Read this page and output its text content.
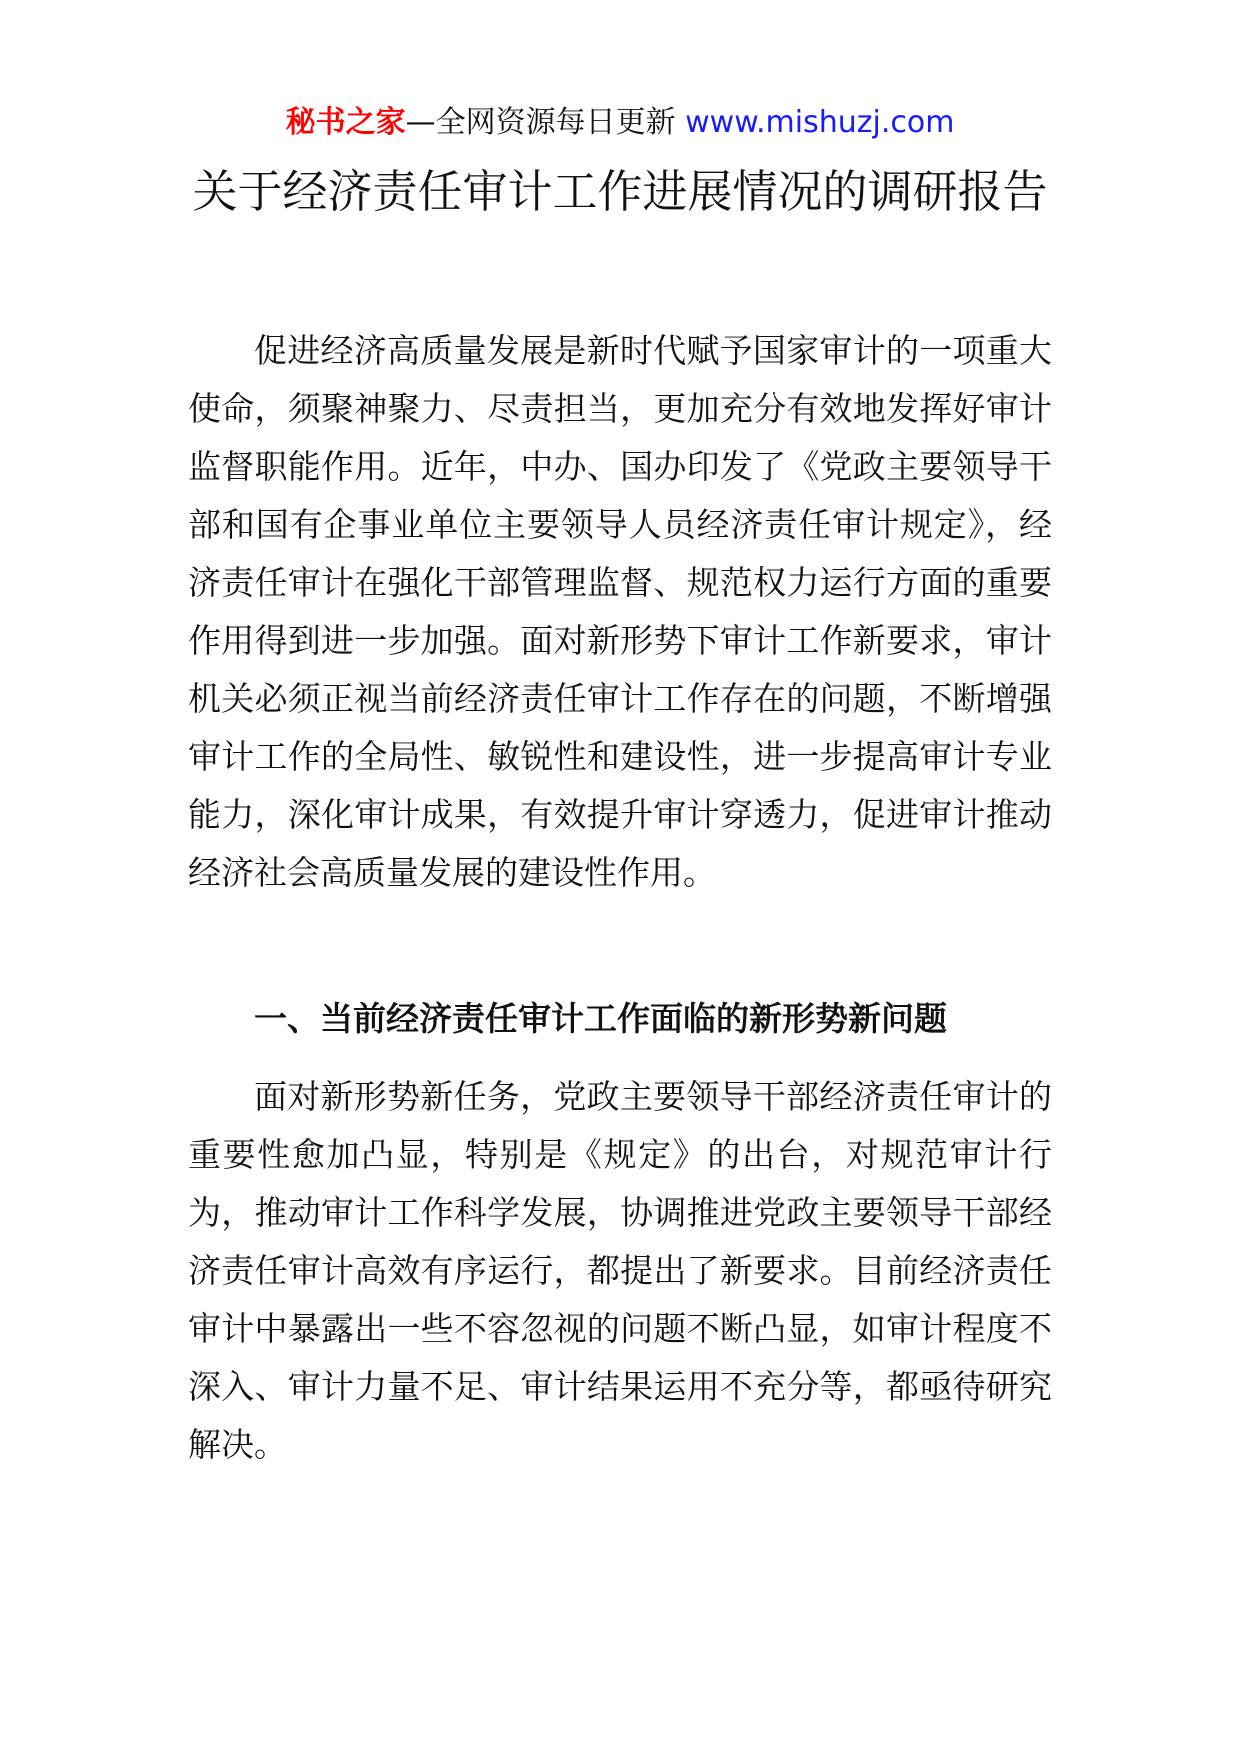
秘书之家—全网资源每日更新 www.mishuzj.com
关于经济责任审计工作进展情况的调研报告

促进经济高质量发展是新时代赋予国家审计的一项重大使命，须聚神聚力、尽责担当，更加充分有效地发挥好审计监督职能作用。近年，中办、国办印发了《党政主要领导干部和国有企事业单位主要领导人员经济责任审计规定》，经济责任审计在强化干部管理监督、规范权力运行方面的重要作用得到进一步加强。面对新形势下审计工作新要求，审计机关必须正视当前经济责任审计工作存在的问题，不断增强审计工作的全局性、敏锐性和建设性，进一步提高审计专业能力，深化审计成果，有效提升审计穿透力，促进审计推动经济社会高质量发展的建设性作用。

一、当前经济责任审计工作面临的新形势新问题

面对新形势新任务，党政主要领导干部经济责任审计的重要性愈加凸显，特别是《规定》的出台，对规范审计行为，推动审计工作科学发展，协调推进党政主要领导干部经济责任审计高效有序运行，都提出了新要求。目前经济责任审计中暴露出一些不容忽视的问题不断凸显，如审计程度不深入、审计力量不足、审计结果运用不充分等，都亟待研究解决。
